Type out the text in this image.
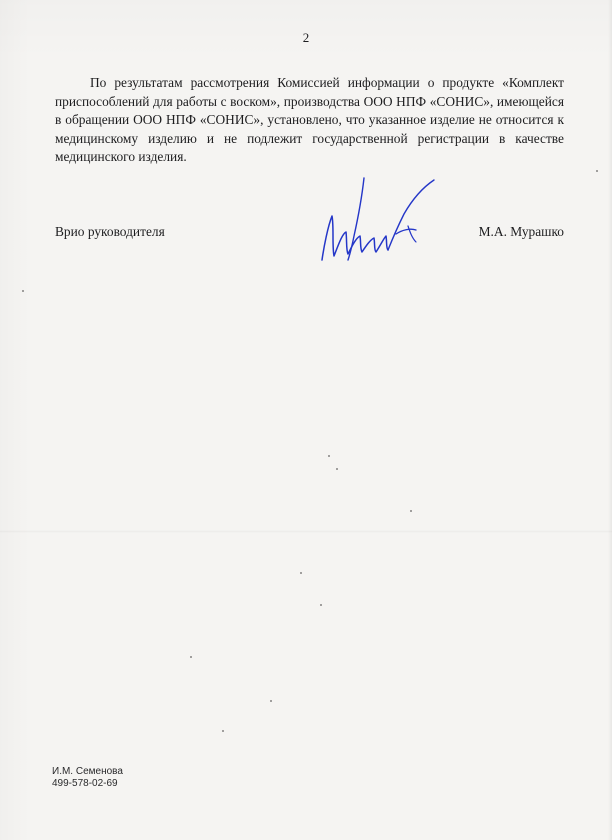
2

По результатам рассмотрения Комиссией информации о продукте «Комплект приспособлений для работы с воском», производства ООО НПФ «СОНИС», имеющейся в обращении ООО НПФ «СОНИС», установлено, что указанное изделие не относится к медицинскому изделию и не подлежит государственной регистрации в качестве медицинского изделия.

Врио руководителя	М.А. Мурашко
И.М. Семенова
499-578-02-69
